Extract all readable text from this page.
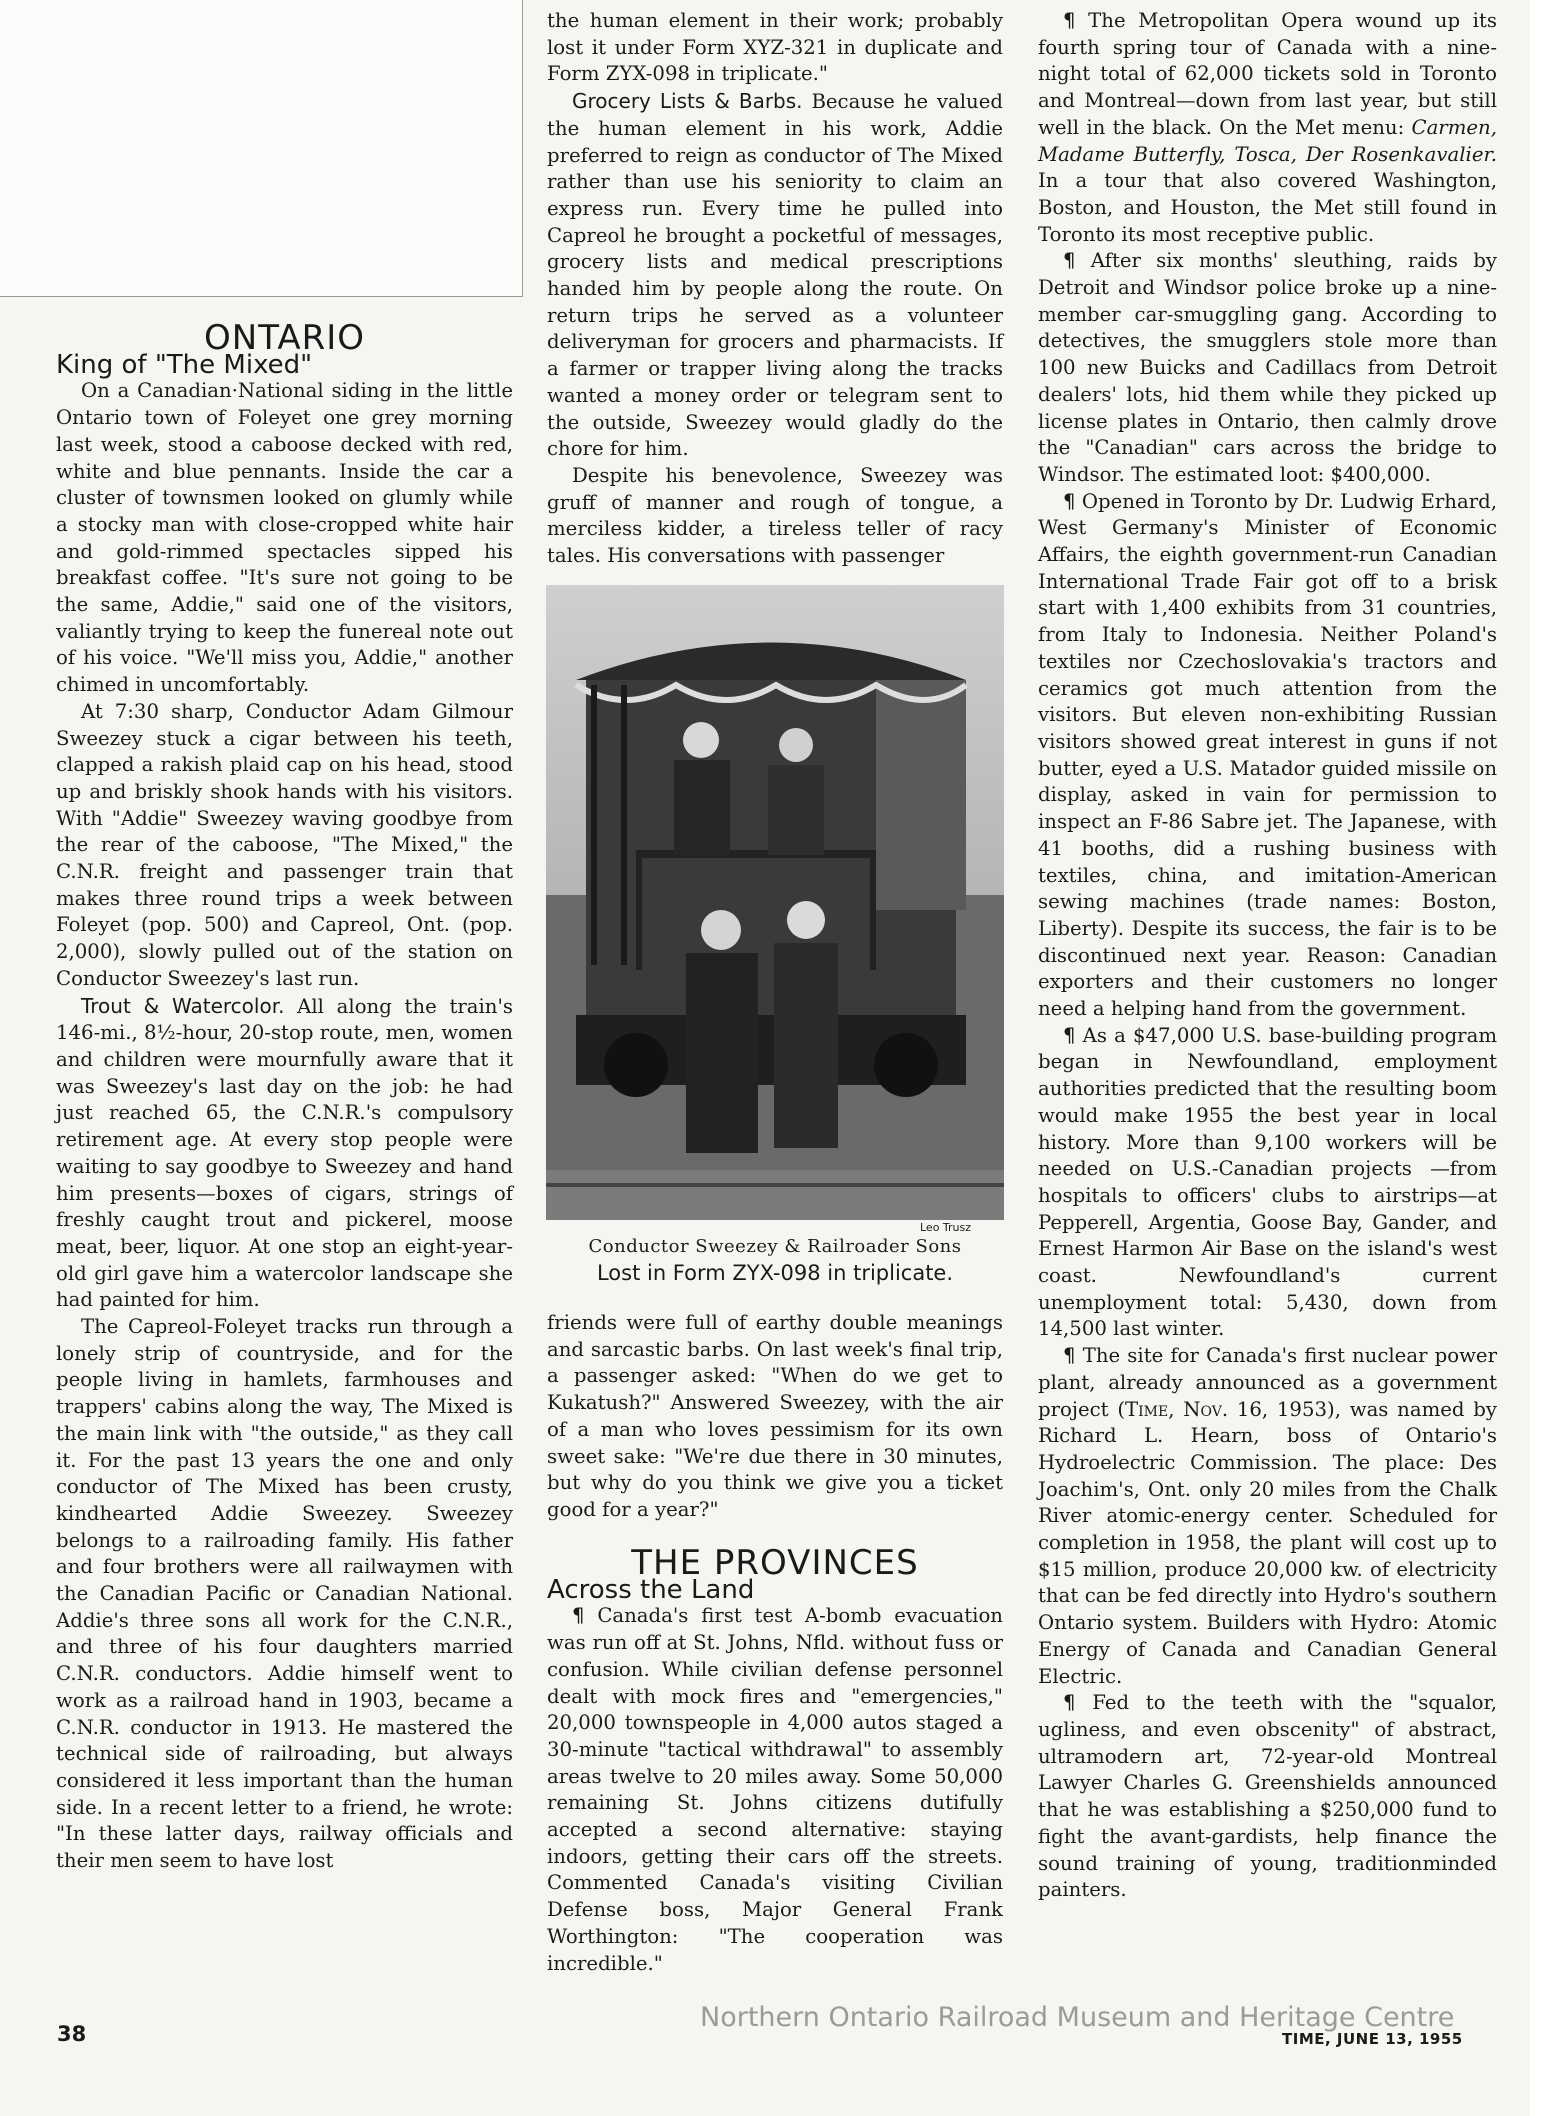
ONTARIO
King of "The Mixed"

On a Canadian·National siding in the little Ontario town of Foleyet one grey morning last week, stood a caboose decked with red, white and blue pennants. Inside the car a cluster of townsmen looked on glumly while a stocky man with close-cropped white hair and gold-rimmed spectacles sipped his breakfast coffee. "It's sure not going to be the same, Addie," said one of the visitors, valiantly trying to keep the funereal note out of his voice. "We'll miss you, Addie," another chimed in uncomfortably.

At 7:30 sharp, Conductor Adam Gilmour Sweezey stuck a cigar between his teeth, clapped a rakish plaid cap on his head, stood up and briskly shook hands with his visitors. With "Addie" Sweezey waving goodbye from the rear of the caboose, "The Mixed," the C.N.R. freight and passenger train that makes three round trips a week between Foleyet (pop. 500) and Capreol, Ont. (pop. 2,000), slowly pulled out of the station on Conductor Sweezey's last run.

Trout & Watercolor. All along the train's 146-mi., 8½-hour, 20-stop route, men, women and children were mournfully aware that it was Sweezey's last day on the job: he had just reached 65, the C.N.R.'s compulsory retirement age. At every stop people were waiting to say goodbye to Sweezey and hand him presents—boxes of cigars, strings of freshly caught trout and pickerel, moose meat, beer, liquor. At one stop an eight-year-old girl gave him a watercolor landscape she had painted for him.

The Capreol-Foleyet tracks run through a lonely strip of countryside, and for the people living in hamlets, farmhouses and trappers' cabins along the way, The Mixed is the main link with "the outside," as they call it. For the past 13 years the one and only conductor of The Mixed has been crusty, kindhearted Addie Sweezey. Sweezey belongs to a railroading family. His father and four brothers were all railwaymen with the Canadian Pacific or Canadian National. Addie's three sons all work for the C.N.R., and three of his four daughters married C.N.R. conductors. Addie himself went to work as a railroad hand in 1903, became a C.N.R. conductor in 1913. He mastered the technical side of railroading, but always considered it less important than the human side. In a recent letter to a friend, he wrote: "In these latter days, railway officials and their men seem to have lost

the human element in their work; probably lost it under Form XYZ-321 in duplicate and Form ZYX-098 in triplicate."

Grocery Lists & Barbs. Because he valued the human element in his work, Addie preferred to reign as conductor of The Mixed rather than use his seniority to claim an express run. Every time he pulled into Capreol he brought a pocketful of messages, grocery lists and medical prescriptions handed him by people along the route. On return trips he served as a volunteer deliveryman for grocers and pharmacists. If a farmer or trapper living along the tracks wanted a money order or telegram sent to the outside, Sweezey would gladly do the chore for him.

Despite his benevolence, Sweezey was gruff of manner and rough of tongue, a merciless kidder, a tireless teller of racy tales. His conversations with passenger

Leo Trusz
Conductor Sweezey & Railroader Sons
Lost in Form ZYX-098 in triplicate.

friends were full of earthy double meanings and sarcastic barbs. On last week's final trip, a passenger asked: "When do we get to Kukatush?" Answered Sweezey, with the air of a man who loves pessimism for its own sweet sake: "We're due there in 30 minutes, but why do you think we give you a ticket good for a year?"

THE PROVINCES
Across the Land

¶ Canada's first test A-bomb evacuation was run off at St. Johns, Nfld. without fuss or confusion. While civilian defense personnel dealt with mock fires and "emergencies," 20,000 townspeople in 4,000 autos staged a 30-minute "tactical withdrawal" to assembly areas twelve to 20 miles away. Some 50,000 remaining St. Johns citizens dutifully accepted a second alternative: staying indoors, getting their cars off the streets. Commented Canada's visiting Civilian Defense boss, Major General Frank Worthington: "The cooperation was incredible."

¶ The Metropolitan Opera wound up its fourth spring tour of Canada with a nine-night total of 62,000 tickets sold in Toronto and Montreal—down from last year, but still well in the black. On the Met menu: Carmen, Madame Butterfly, Tosca, Der Rosenkavalier. In a tour that also covered Washington, Boston, and Houston, the Met still found in Toronto its most receptive public.

¶ After six months' sleuthing, raids by Detroit and Windsor police broke up a nine-member car-smuggling gang. According to detectives, the smugglers stole more than 100 new Buicks and Cadillacs from Detroit dealers' lots, hid them while they picked up license plates in Ontario, then calmly drove the "Canadian" cars across the bridge to Windsor. The estimated loot: $400,000.

¶ Opened in Toronto by Dr. Ludwig Erhard, West Germany's Minister of Economic Affairs, the eighth government-run Canadian International Trade Fair got off to a brisk start with 1,400 exhibits from 31 countries, from Italy to Indonesia. Neither Poland's textiles nor Czechoslovakia's tractors and ceramics got much attention from the visitors. But eleven non-exhibiting Russian visitors showed great interest in guns if not butter, eyed a U.S. Matador guided missile on display, asked in vain for permission to inspect an F-86 Sabre jet. The Japanese, with 41 booths, did a rushing business with textiles, china, and imitation-American sewing machines (trade names: Boston, Liberty). Despite its success, the fair is to be discontinued next year. Reason: Canadian exporters and their customers no longer need a helping hand from the government.

¶ As a $47,000 U.S. base-building program began in Newfoundland, employment authorities predicted that the resulting boom would make 1955 the best year in local history. More than 9,100 workers will be needed on U.S.-Canadian projects —from hospitals to officers' clubs to airstrips—at Pepperell, Argentia, Goose Bay, Gander, and Ernest Harmon Air Base on the island's west coast. Newfoundland's current unemployment total: 5,430, down from 14,500 last winter.

¶ The site for Canada's first nuclear power plant, already announced as a government project (Time, Nov. 16, 1953), was named by Richard L. Hearn, boss of Ontario's Hydroelectric Commission. The place: Des Joachim's, Ont. only 20 miles from the Chalk River atomic-energy center. Scheduled for completion in 1958, the plant will cost up to $15 million, produce 20,000 kw. of electricity that can be fed directly into Hydro's southern Ontario system. Builders with Hydro: Atomic Energy of Canada and Canadian General Electric.

¶ Fed to the teeth with the "squalor, ugliness, and even obscenity" of abstract, ultramodern art, 72-year-old Montreal Lawyer Charles G. Greenshields announced that he was establishing a $250,000 fund to fight the avant-gardists, help finance the sound training of young, traditionminded painters.

38	TIME, JUNE 13, 1955
Northern Ontario Railroad Museum and Heritage Centre
